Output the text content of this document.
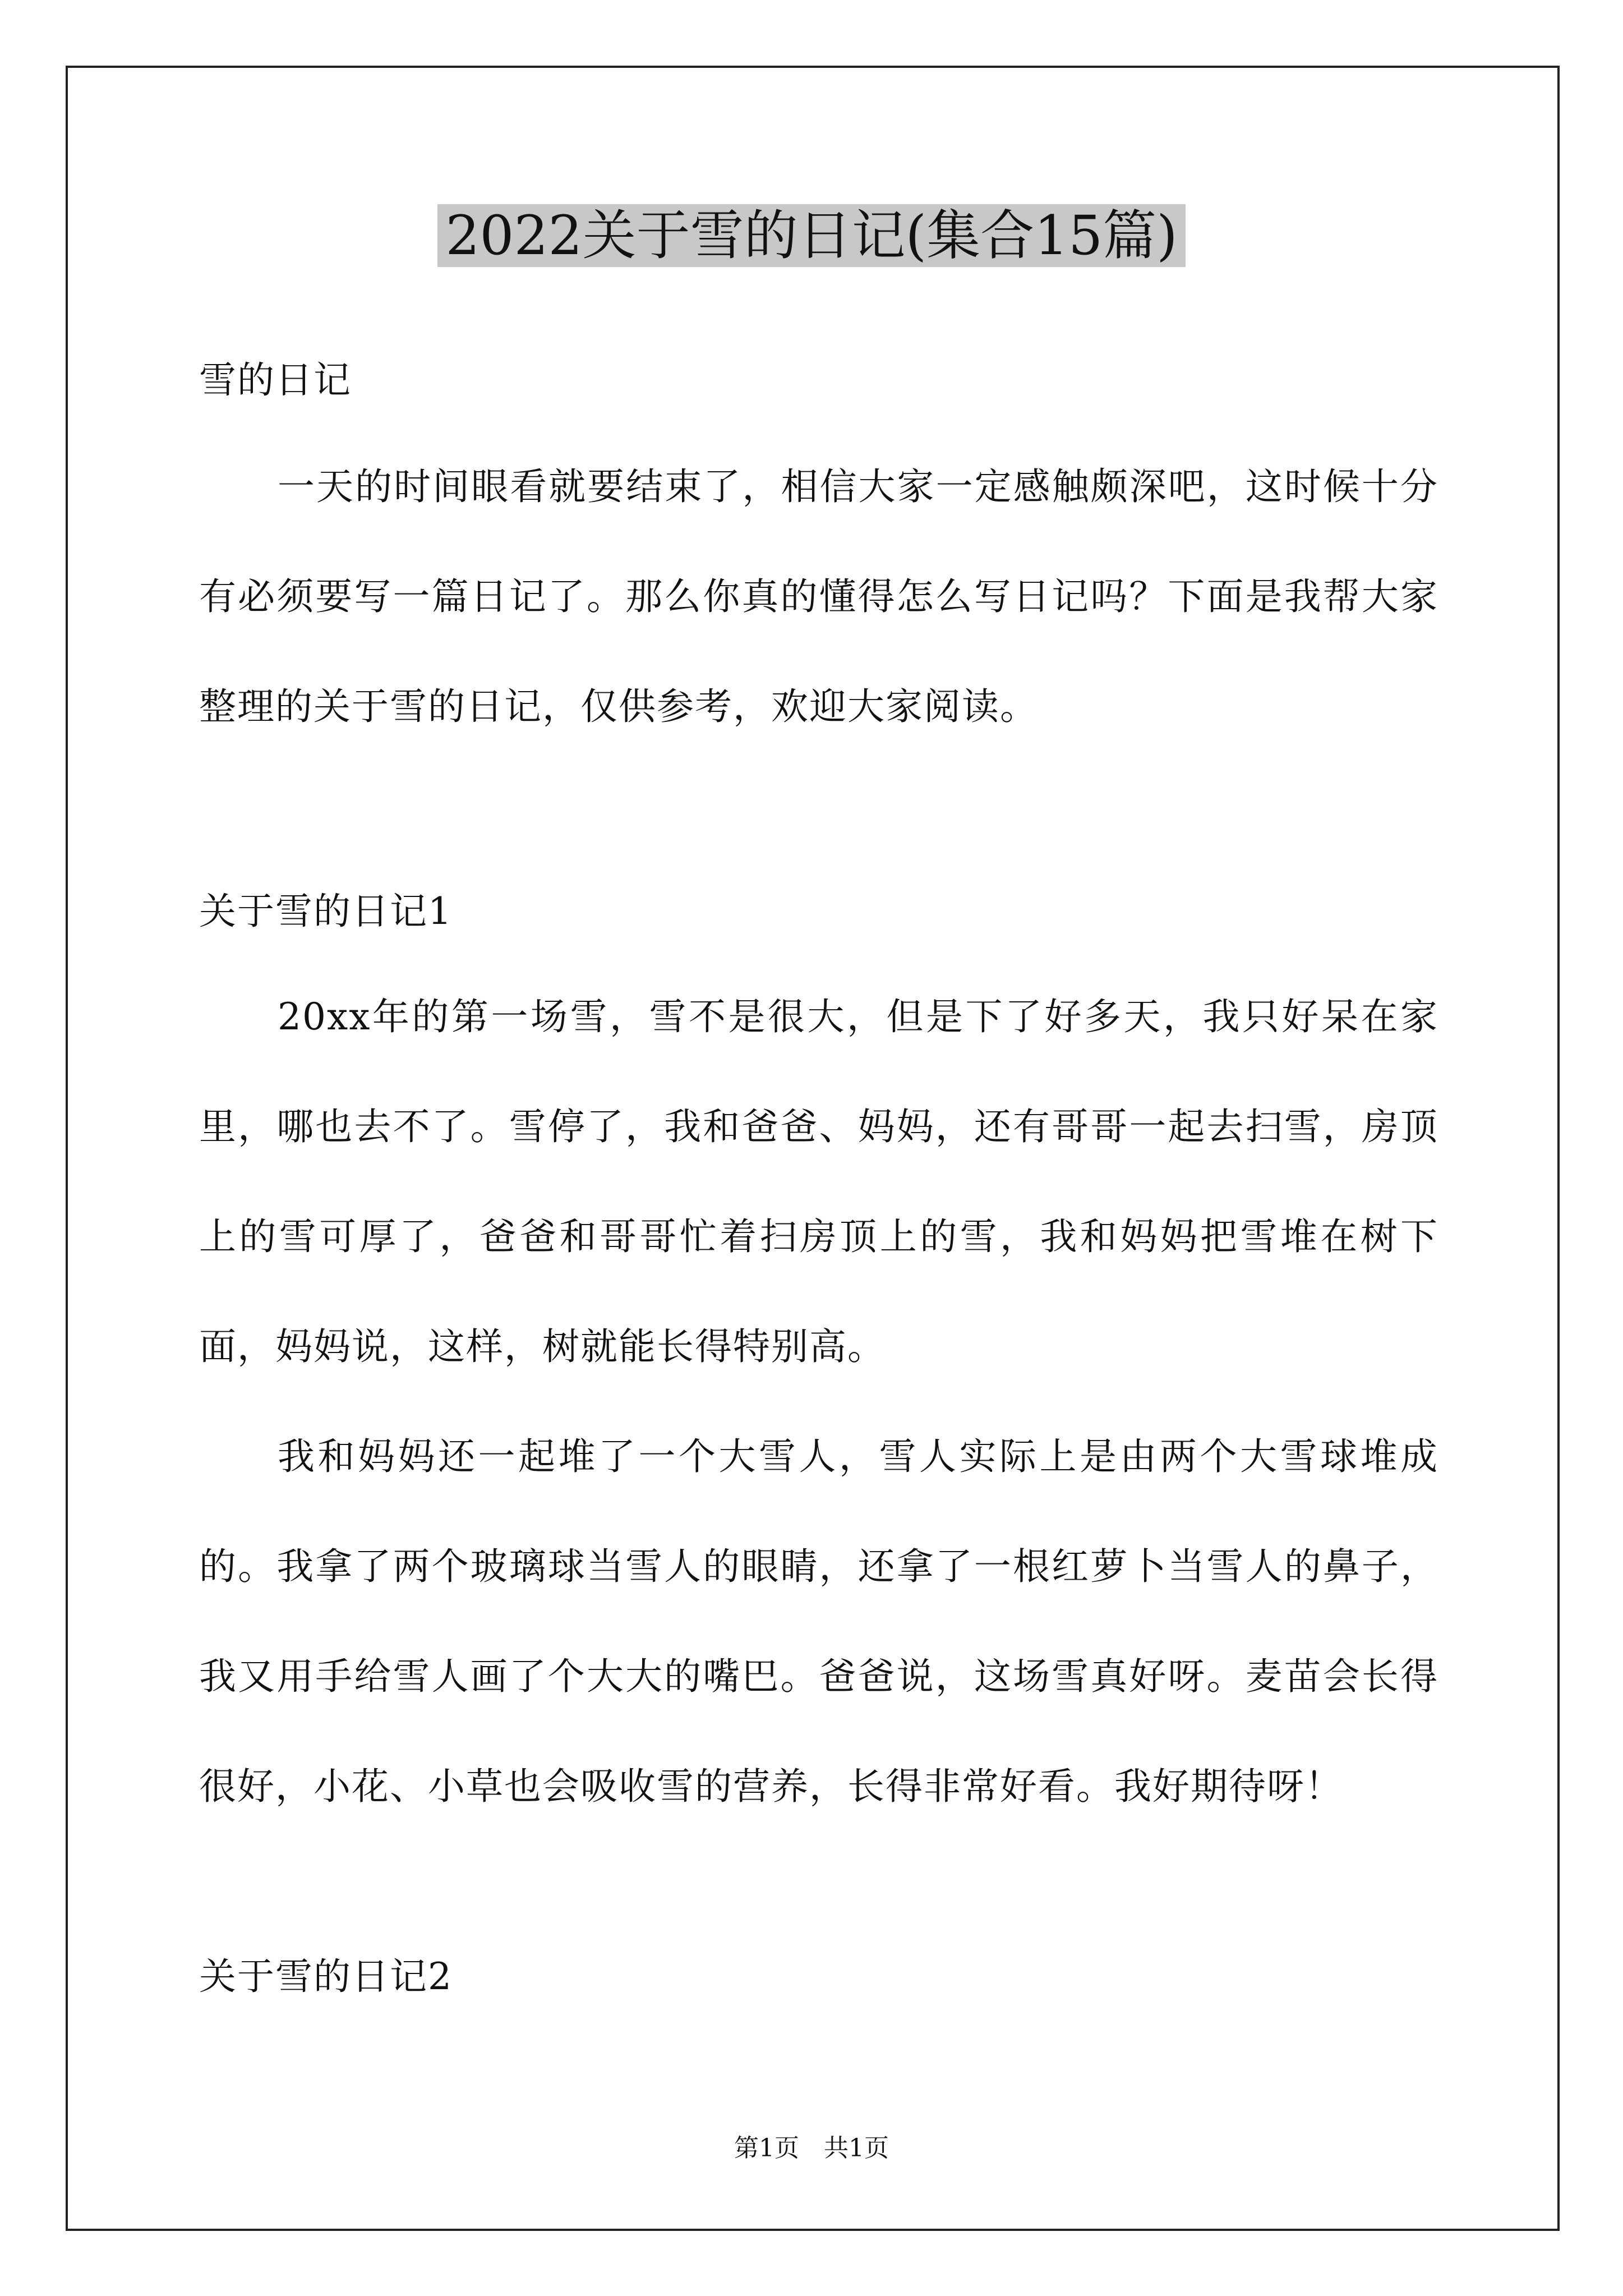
2022关于雪的日记(集合15篇)
雪的日记

一天的时间眼看就要结束了，相信大家一定感触颇深吧，这时候十分有必须要写一篇日记了。那么你真的懂得怎么写日记吗？下面是我帮大家整理的关于雪的日记，仅供参考，欢迎大家阅读。

关于雪的日记1

20xx年的第一场雪，雪不是很大，但是下了好多天，我只好呆在家里，哪也去不了。雪停了，我和爸爸、妈妈，还有哥哥一起去扫雪，房顶上的雪可厚了，爸爸和哥哥忙着扫房顶上的雪，我和妈妈把雪堆在树下面，妈妈说，这样，树就能长得特别高。

我和妈妈还一起堆了一个大雪人，雪人实际上是由两个大雪球堆成的。我拿了两个玻璃球当雪人的眼睛，还拿了一根红萝卜当雪人的鼻子，我又用手给雪人画了个大大的嘴巴。爸爸说，这场雪真好呀。麦苗会长得很好，小花、小草也会吸收雪的营养，长得非常好看。我好期待呀！

关于雪的日记2
第1页　共1页
